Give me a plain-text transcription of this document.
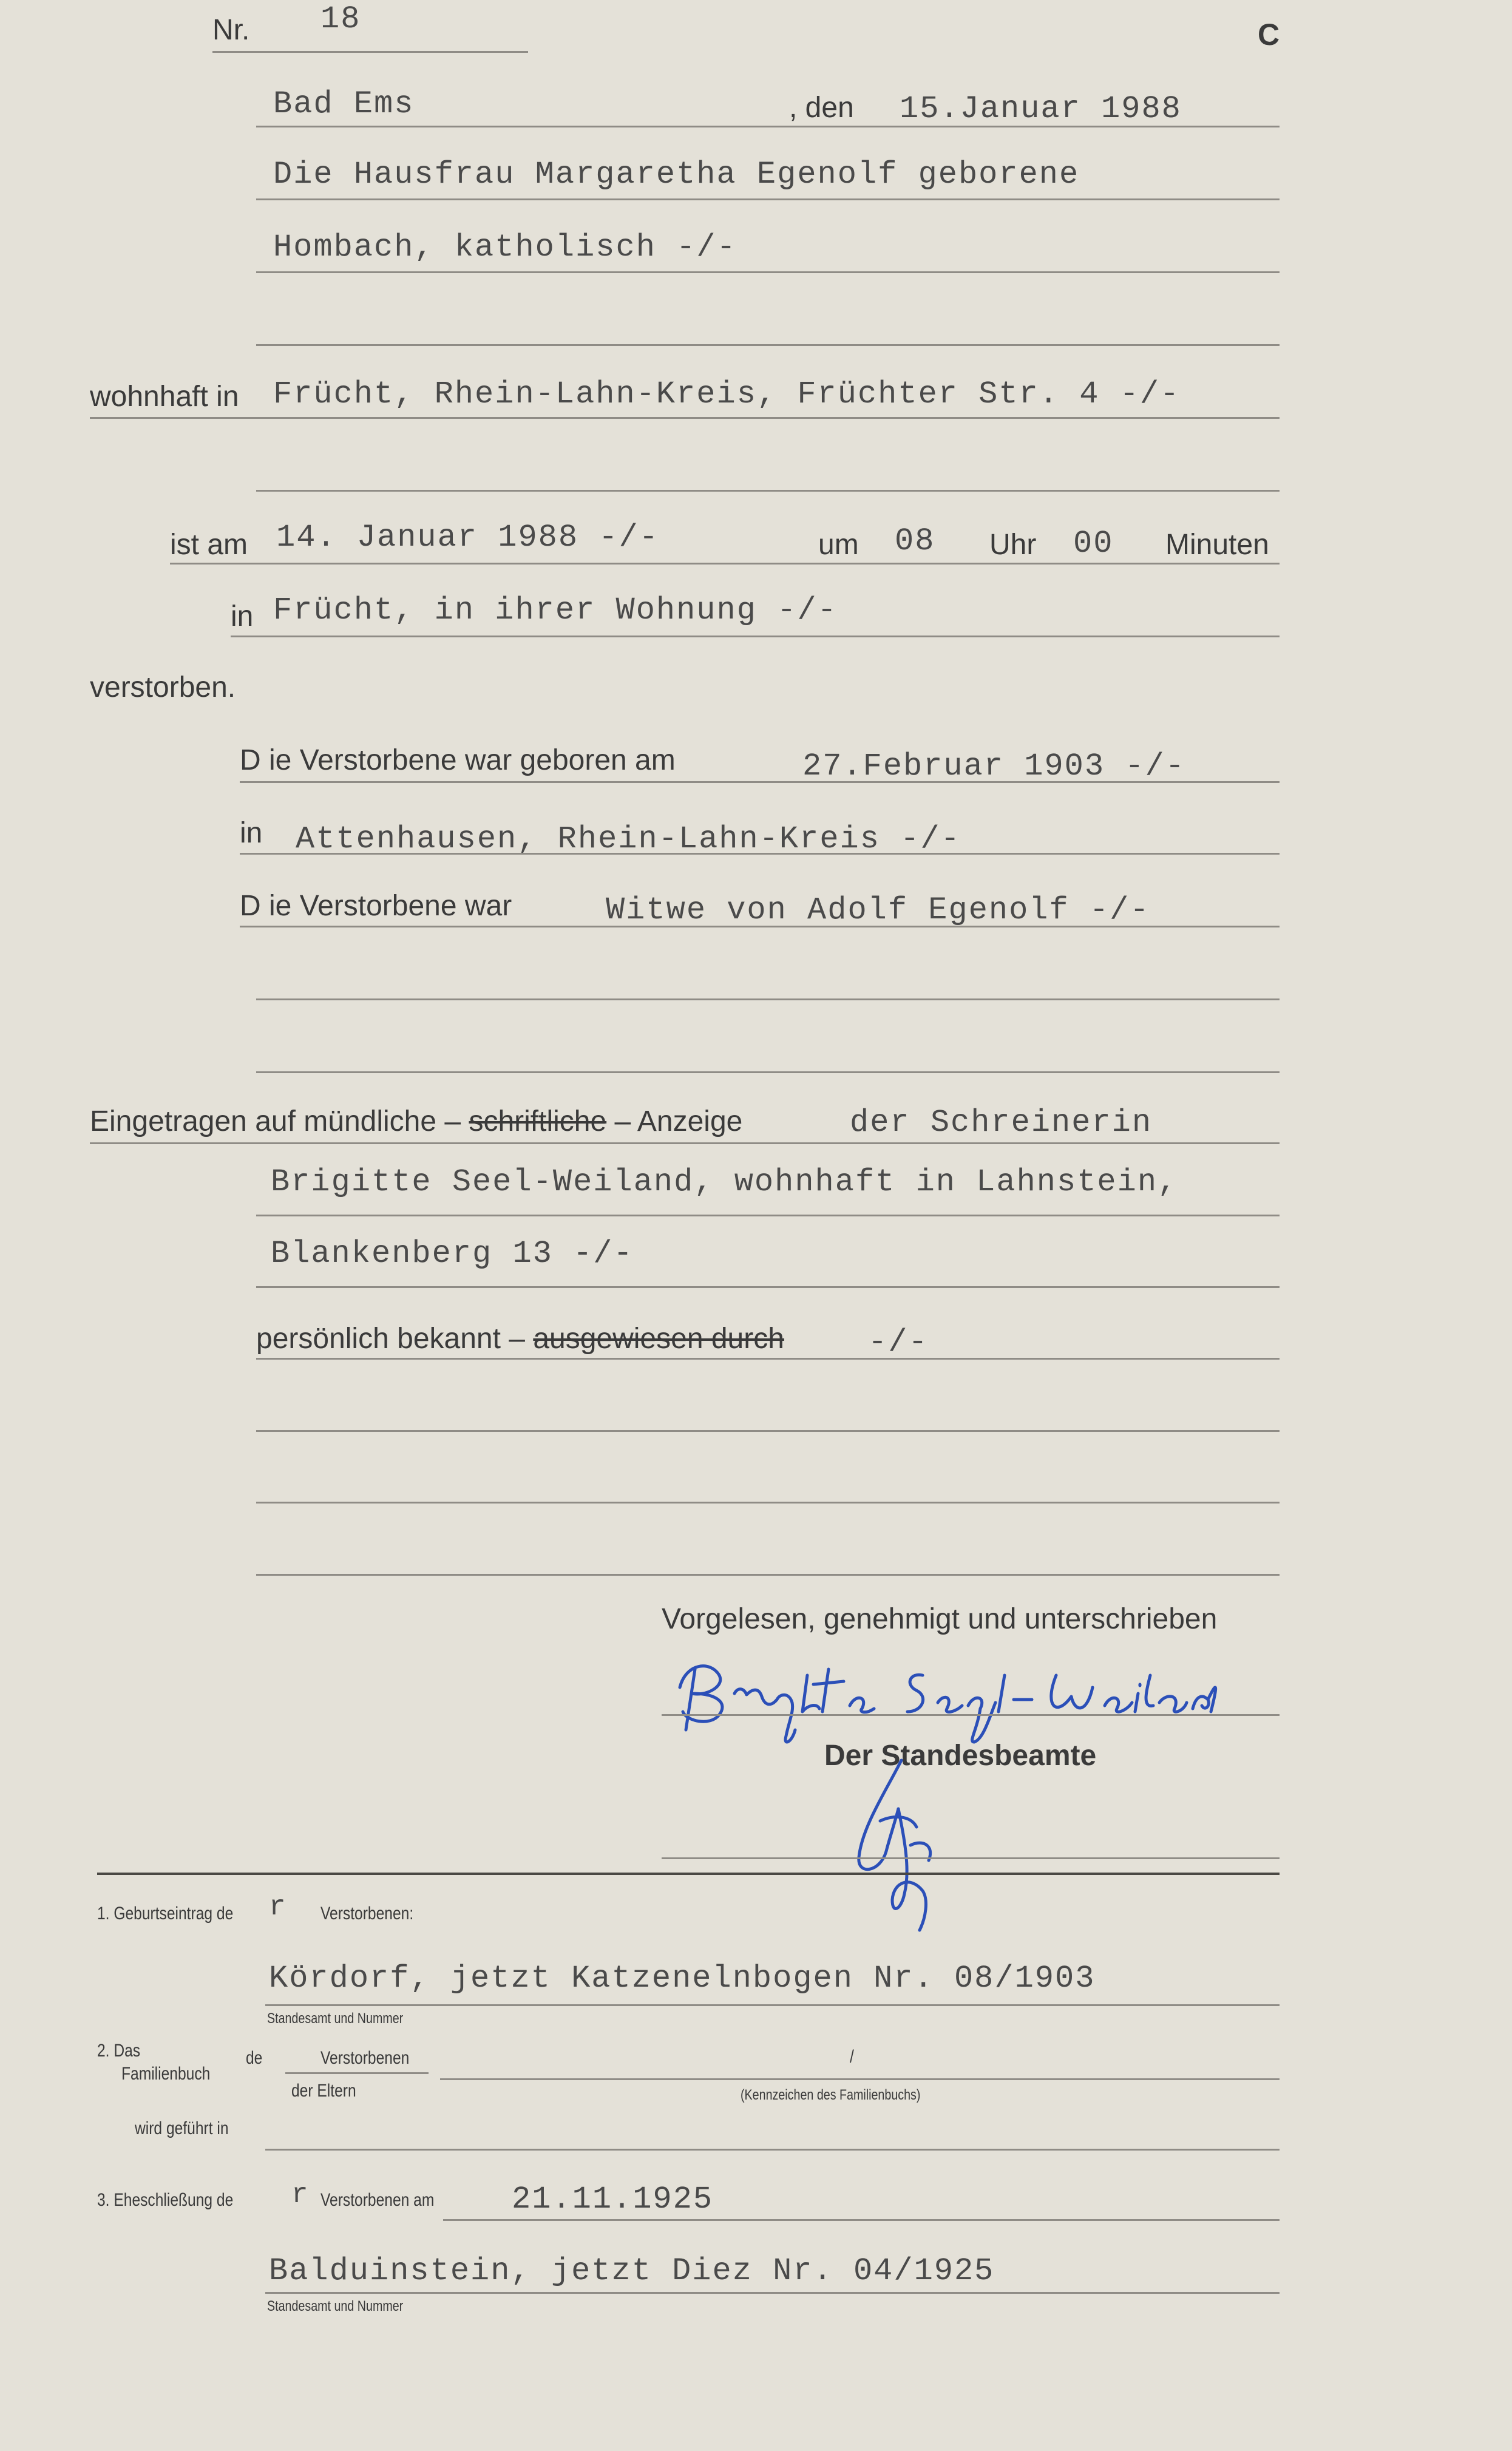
Nr. 18	C
Bad Ems	, den 15.Januar 1988
Die Hausfrau Margaretha Egenolf geborene
Hombach, katholisch -/-
wohnhaft in Frücht, Rhein-Lahn-Kreis, Früchter Str. 4 -/-
ist am 14. Januar 1988 -/-	um 08 Uhr 00 Minuten
in Frücht, in ihrer Wohnung -/-
verstorben.
D ie Verstorbene war geboren am	27.Februar 1903 -/-
in Attenhausen, Rhein-Lahn-Kreis -/-
D ie Verstorbene war	Witwe von Adolf Egenolf -/-
Eingetragen auf mündliche – schriftliche – Anzeige	der Schreinerin
Brigitte Seel-Weiland, wohnhaft in Lahnstein,
Blankenberg 13 -/-
persönlich bekannt – ausgewiesen durch	-/-
Vorgelesen, genehmigt und unterschrieben
Der Standesbeamte
1. Geburtseintrag de r Verstorbenen:
Kördorf, jetzt Katzenelnbogen Nr. 08/1903
Standesamt und Nummer
2. Das
Familienbuch
de	Verstorbenen	/
der Eltern	(Kennzeichen des Familienbuchs)
wird geführt in
3. Eheschließung de r Verstorbenen am 21.11.1925
Balduinstein, jetzt Diez Nr. 04/1925
Standesamt und Nummer
